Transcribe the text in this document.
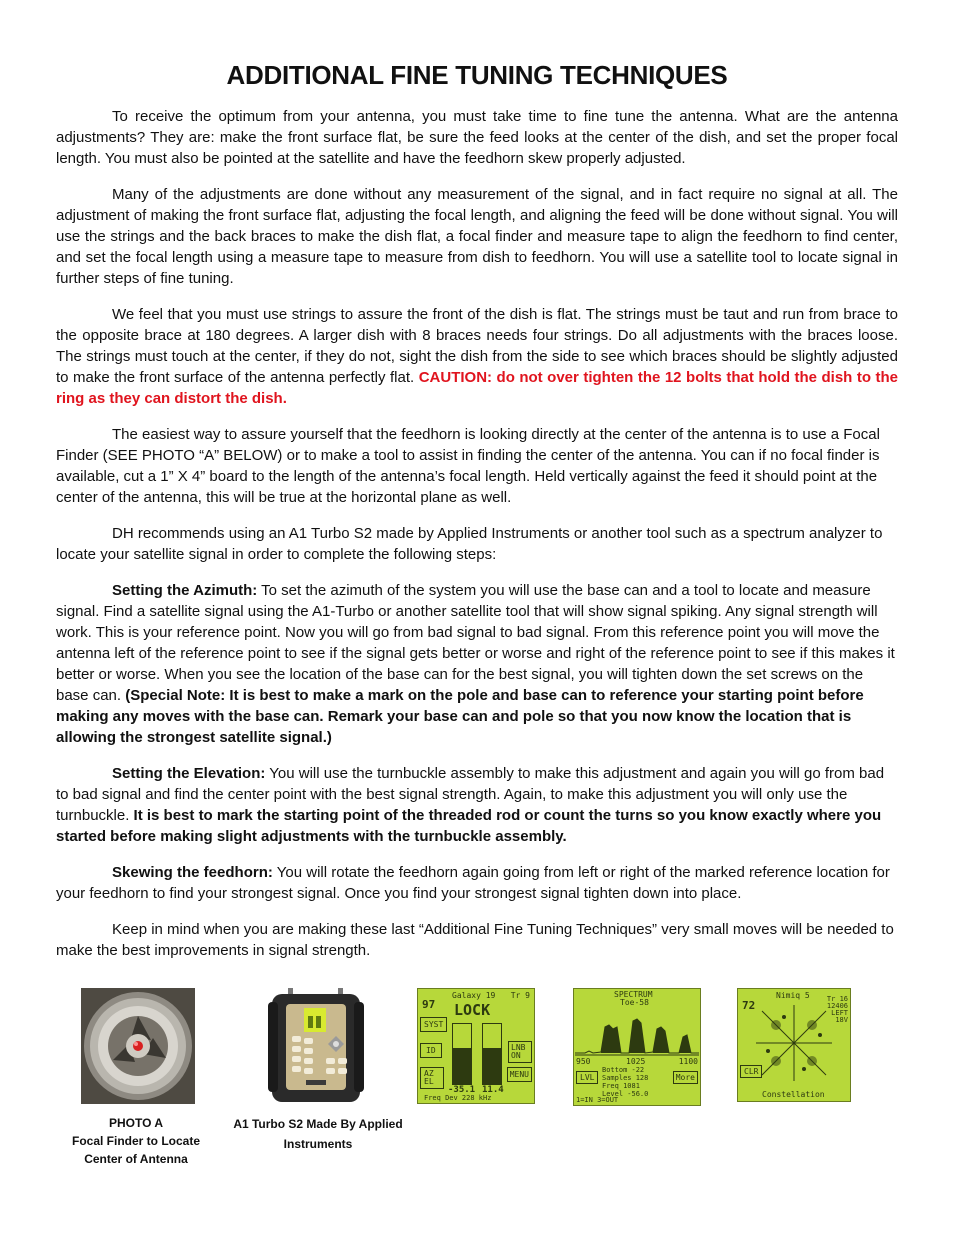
ADDITIONAL FINE TUNING TECHNIQUES

To receive the optimum from your antenna, you must take time to fine tune the antenna. What are the antenna adjustments? They are: make the front surface flat, be sure the feed looks at the center of the dish, and set the proper focal length. You must also be pointed at the satellite and have the feedhorn skew properly adjusted.

Many of the adjustments are done without any measurement of the signal, and in fact require no signal at all. The adjustment of making the front surface flat, adjusting the focal length, and aligning the feed will be done without signal. You will use the strings and the back braces to make the dish flat, a focal finder and measure tape to align the feedhorn to find center, and set the focal length using a measure tape to measure from dish to feedhorn. You will use a satellite tool to locate signal in further steps of fine tuning.

We feel that you must use strings to assure the front of the dish is flat. The strings must be taut and run from brace to the opposite brace at 180 degrees. A larger dish with 8 braces needs four strings. Do all adjustments with the braces loose. The strings must touch at the center, if they do not, sight the dish from the side to see which braces should be slightly adjusted to make the front surface of the antenna perfectly flat. CAUTION: do not over tighten the 12 bolts that hold the dish to the ring as they can distort the dish.

The easiest way to assure yourself that the feedhorn is looking directly at the center of the antenna is to use a Focal Finder (SEE PHOTO “A” BELOW) or to make a tool to assist in finding the center of the antenna. You can if no focal finder is available, cut a 1” X 4” board to the length of the antenna’s focal length. Held vertically against the feed it should point at the center of the antenna, this will be true at the horizontal plane as well.

DH recommends using an A1 Turbo S2 made by Applied Instruments or another tool such as a spectrum analyzer to locate your satellite signal in order to complete the following steps:

Setting the Azimuth: To set the azimuth of the system you will use the base can and a tool to locate and measure signal. Find a satellite signal using the A1-Turbo or another satellite tool that will show signal spiking. Any signal strength will work. This is your reference point. Now you will go from bad signal to bad signal. From this reference point you will move the antenna left of the reference point to see if the signal gets better or worse and right of the reference point to see if this makes it better or worse. When you see the location of the base can for the best signal, you will tighten down the set screws on the base can. (Special Note: It is best to make a mark on the pole and base can to reference your starting point before making any moves with the base can. Remark your base can and pole so that you now know the location that is allowing the strongest satellite signal.)

Setting the Elevation: You will use the turnbuckle assembly to make this adjustment and again you will go from bad to bad signal and find the center point with the best signal strength. Again, to make this adjustment you will only use the turnbuckle. It is best to mark the starting point of the threaded rod or count the turns so you know exactly where you started before making slight adjustments with the turnbuckle assembly.

Skewing the feedhorn: You will rotate the feedhorn again going from left or right of the marked reference location for your feedhorn to find your strongest signal. Once you find your strongest signal tighten down into place.

Keep in mind when you are making these last “Additional Fine Tuning Techniques” very small moves will be needed to make the best improvements in signal strength.

PHOTO A
Focal Finder to Locate
Center of Antenna
A1 Turbo S2 Made By Applied
Instruments
Galaxy 19 Tr 9
97 LOCK
SYST
ID
AZ EL
LNB ON
MENU
-35.1 11.4
Freq Dev 228 kHz
SPECTRUM
Toe-58
950	1025	1100
LVL	More
Bottom -22
Samples 128
Freq 1081
Level -56.0
1=IN 3=OUT
Nimiq 5
72	Tr 16
12406
LEFT
18V
CLR
Constellation
